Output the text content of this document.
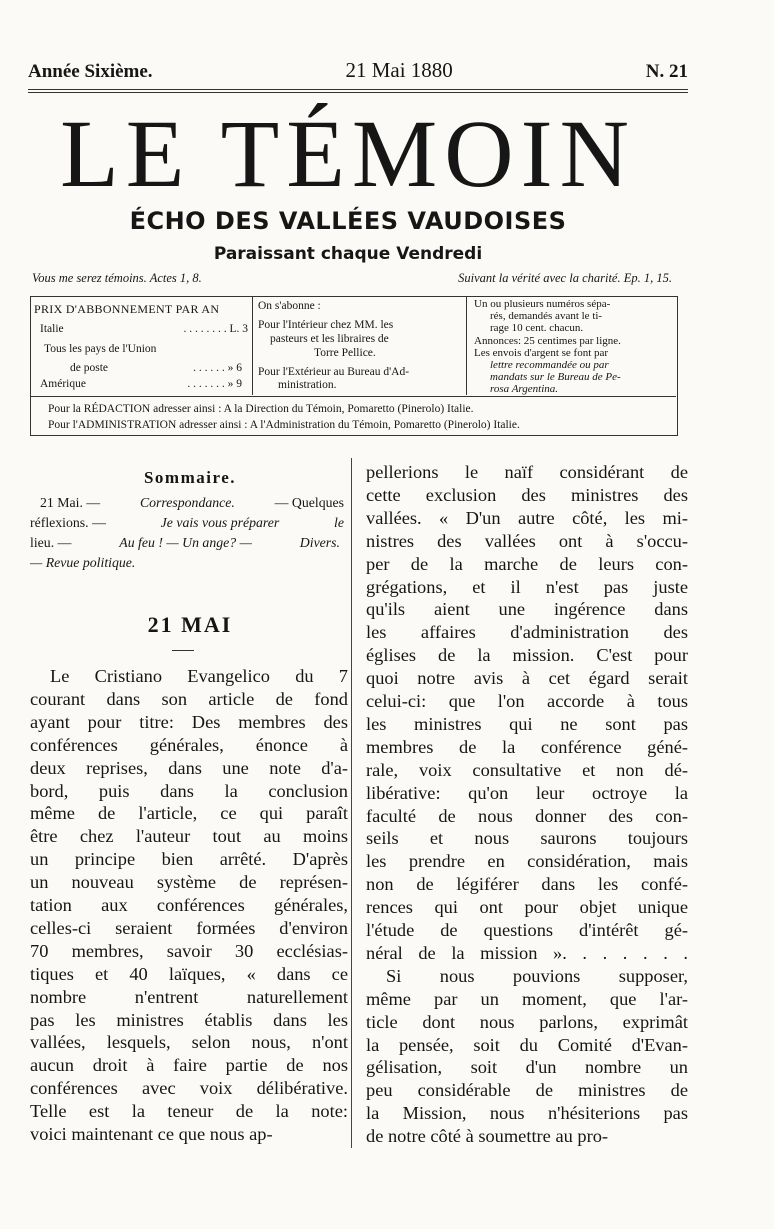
Année Sixième.	21 Mai 1880	N. 21
LE TÉMOIN
ÉCHO DES VALLÉES VAUDOISES
Paraissant chaque Vendredi
Vous me serez témoins. Actes 1, 8.	Suivant la vérité avec la charité. Ep. 1, 15.
PRIX D'ABBONNEMENT PAR AN
Italie	. . . . . . . . L. 3
Tous les pays de l'Union
de poste	. . . . . . » 6
Amérique	. . . . . . . » 9
On s'abonne :
Pour l'Intérieur chez MM. les
pasteurs et les libraires de
Torre Pellice.
Pour l'Extérieur au Bureau d'Ad-
ministration.
Un ou plusieurs numéros sépa-
rés, demandés avant le ti-
rage 10 cent. chacun.
Annonces: 25 centimes par ligne.
Les envois d'argent se font par
lettre recommandée ou par
mandats sur le Bureau de Pe-
rosa Argentina.
Pour la RÉDACTION adresser ainsi : A la Direction du Témoin, Pomaretto (Pinerolo) Italie.
Pour l'ADMINISTRATION adresser ainsi : A l'Administration du Témoin, Pomaretto (Pinerolo) Italie.
Sommaire.
21 Mai. —	Correspondance.	— Quelques
réflexions. —	Je vais vous préparer	le
lieu. —	Au feu ! — Un ange? —	Divers.
— Revue politique.
21 MAI
Le Cristiano Evangelico du 7
courant dans son article de fond
ayant pour titre: Des membres des
conférences générales, énonce à
deux reprises, dans une note d'a-
bord, puis dans la conclusion
même de l'article, ce qui paraît
être chez l'auteur tout au moins
un principe bien arrêté. D'après
un nouveau système de représen-
tation aux conférences générales,
celles-ci seraient formées d'environ
70 membres, savoir 30 ecclésias-
tiques et 40 laïques, « dans ce
nombre n'entrent naturellement
pas les ministres établis dans les
vallées, lesquels, selon nous, n'ont
aucun droit à faire partie de nos
conférences avec voix délibérative.
Telle est la teneur de la note:
voici maintenant ce que nous ap-
pellerions le naïf considérant de
cette exclusion des ministres des
vallées. « D'un autre côté, les mi-
nistres des vallées ont à s'occu-
per de la marche de leurs con-
grégations, et il n'est pas juste
qu'ils aient une ingérence dans
les affaires d'administration des
églises de la mission. C'est pour
quoi notre avis à cet égard serait
celui-ci: que l'on accorde à tous
les ministres qui ne sont pas
membres de la conférence géné-
rale, voix consultative et non dé-
libérative: qu'on leur octroye la
faculté de nous donner des con-
seils et nous saurons toujours
les prendre en considération, mais
non de légiférer dans les confé-
rences qui ont pour objet unique
l'étude de questions d'intérêt gé-
néral de la mission ». . . . . . .
Si nous pouvions supposer,
même par un moment, que l'ar-
ticle dont nous parlons, exprimât
la pensée, soit du Comité d'Evan-
gélisation, soit d'un nombre un
peu considérable de ministres de
la Mission, nous n'hésiterions pas
de notre côté à soumettre au pro-
